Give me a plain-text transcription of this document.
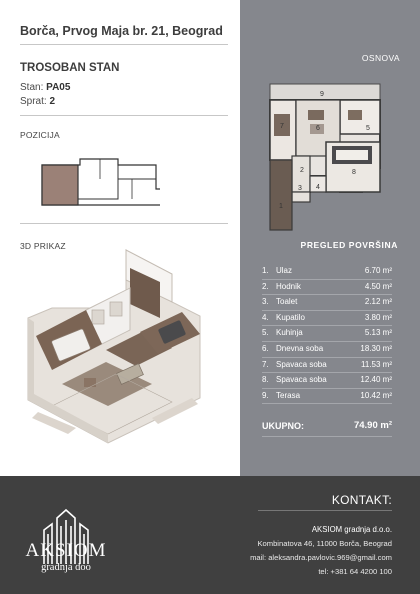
Borča, Prvog Maja br. 21, Beograd
TROSOBAN STAN
Stan: PA05
Sprat: 2
POZICIJA
3D PRIKAZ
OSNOVA
9
7	6	5
2	8
3 4
1
PREGLED POVRŠINA
1. Ulaz	6.70 m²
2. Hodnik	4.50 m²
3. Toalet	2.12 m²
4. Kupatilo	3.80 m²
5. Kuhinja	5.13 m²
6. Dnevna soba	18.30 m²
7. Spavaca soba	11.53 m²
8. Spavaca soba	12.40 m²
9. Terasa	10.42 m²
UKUPNO:	74.90 m²
AKSIOM
gradnja doo
KONTAKT:
AKSIOM gradnja d.o.o.
Kombinatova 46, 11000 Borča, Beograd
mail: aleksandra.pavlovic.969@gmail.com
tel: +381 64 4200 100
